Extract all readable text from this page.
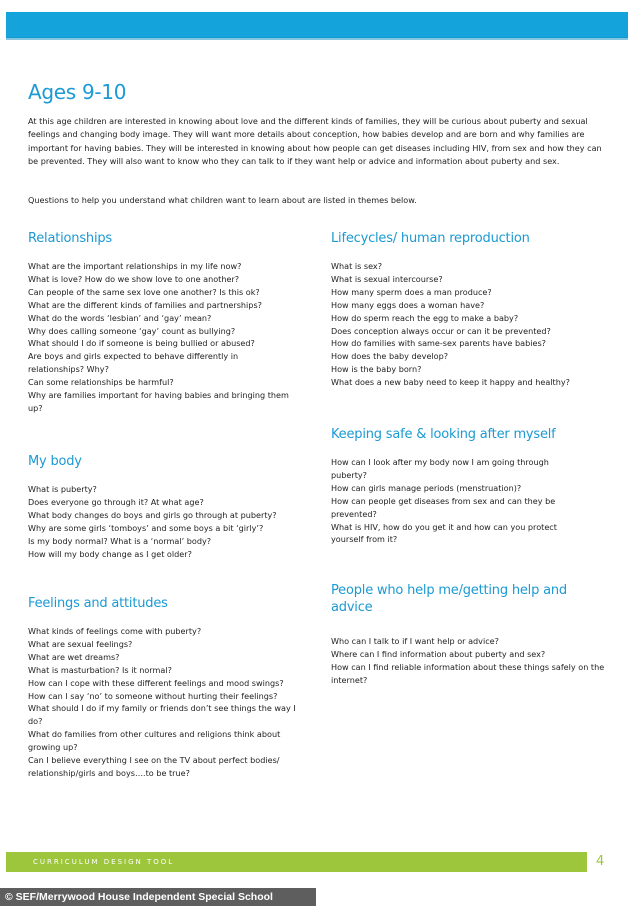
Ages 9-10

At this age children are interested in knowing about love and the different kinds of families, they will be curious about puberty and sexual feelings and changing body image. They will want more details about conception, how babies develop and are born and why families are important for having babies. They will be interested in knowing about how people can get diseases including HIV, from sex and how they can be prevented. They will also want to know who they can talk to if they want help or advice and information about puberty and sex.

Questions to help you understand what children want to learn about are listed in themes below.

Relationships
What are the important relationships in my life now?
What is love? How do we show love to one another?
Can people of the same sex love one another? Is this ok?
What are the different kinds of families and partnerships?
What do the words ‘lesbian’ and ‘gay’ mean?
Why does calling someone ‘gay’ count as bullying?
What should I do if someone is being bullied or abused?
Are boys and girls expected to behave differently in relationships? Why?
Can some relationships be harmful?
Why are families important for having babies and bringing them up?
My body
What is puberty?
Does everyone go through it? At what age?
What body changes do boys and girls go through at puberty?
Why are some girls ‘tomboys’ and some boys a bit ‘girly’?
Is my body normal? What is a ‘normal’ body?
How will my body change as I get older?
Feelings and attitudes
What kinds of feelings come with puberty?
What are sexual feelings?
What are wet dreams?
What is masturbation? Is it normal?
How can I cope with these different feelings and mood swings?
How can I say ‘no’ to someone without hurting their feelings?
What should I do if my family or friends don’t see things the way I do?
What do families from other cultures and religions think about growing up?
Can I believe everything I see on the TV about perfect bodies/ relationship/girls and boys….to be true?
Lifecycles/ human reproduction
What is sex?
What is sexual intercourse?
How many sperm does a man produce?
How many eggs does a woman have?
How do sperm reach the egg to make a baby?
Does conception always occur or can it be prevented?
How do families with same-sex parents have babies?
How does the baby develop?
How is the baby born?
What does a new baby need to keep it happy and healthy?
Keeping safe & looking after myself
How can I look after my body now I am going through puberty?
How can girls manage periods (menstruation)?
How can people get diseases from sex and can they be prevented?
What is HIV, how do you get it and how can you protect yourself from it?
People who help me/getting help and advice
Who can I talk to if I want help or advice?
Where can I find information about puberty and sex?
How can I find reliable information about these things safely on the internet?
CURRICULUM DESIGN TOOL	4
© SEF/Merrywood House Independent Special School
